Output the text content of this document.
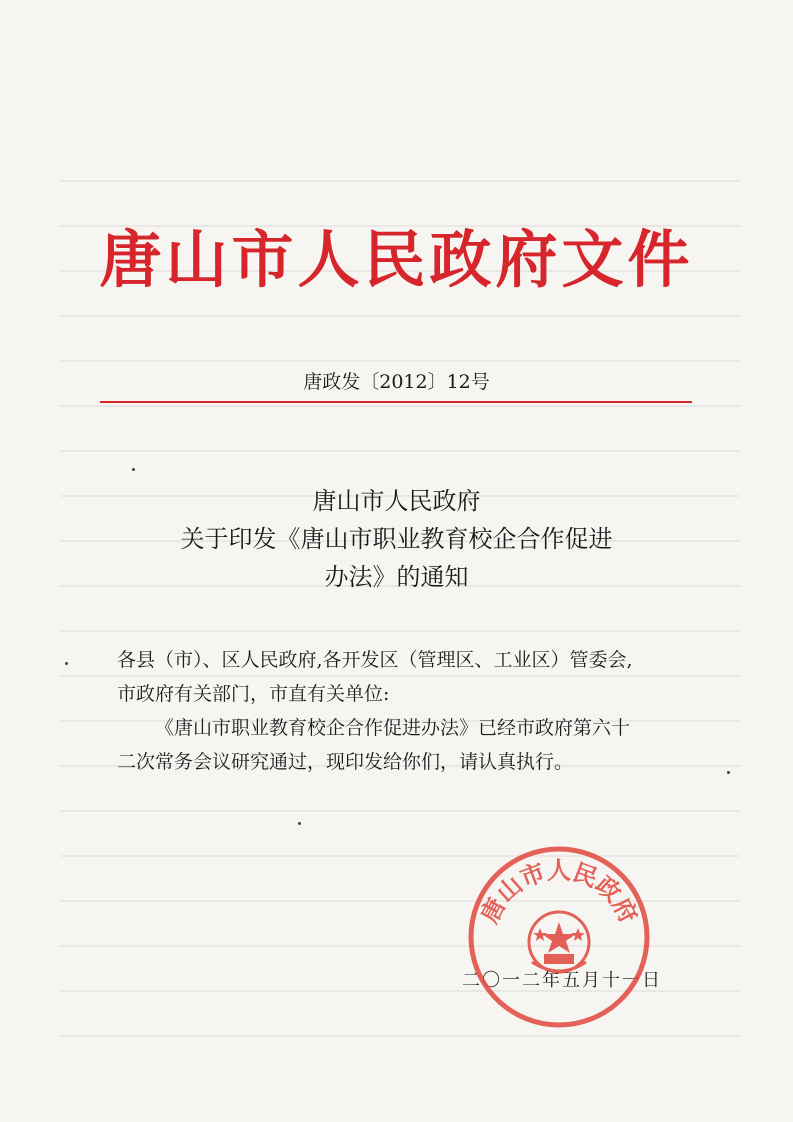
唐山市人民政府文件
唐政发〔2012〕12号
唐山市人民政府
关于印发《唐山市职业教育校企合作促进
办法》的通知

各县（市）、区人民政府,各开发区（管理区、工业区）管委会,

市政府有关部门，市直有关单位:

《唐山市职业教育校企合作促进办法》已经市政府第六十

二次常务会议研究通过，现印发给你们，请认真执行。

二〇一二年五月十一日
唐山市人民政府
